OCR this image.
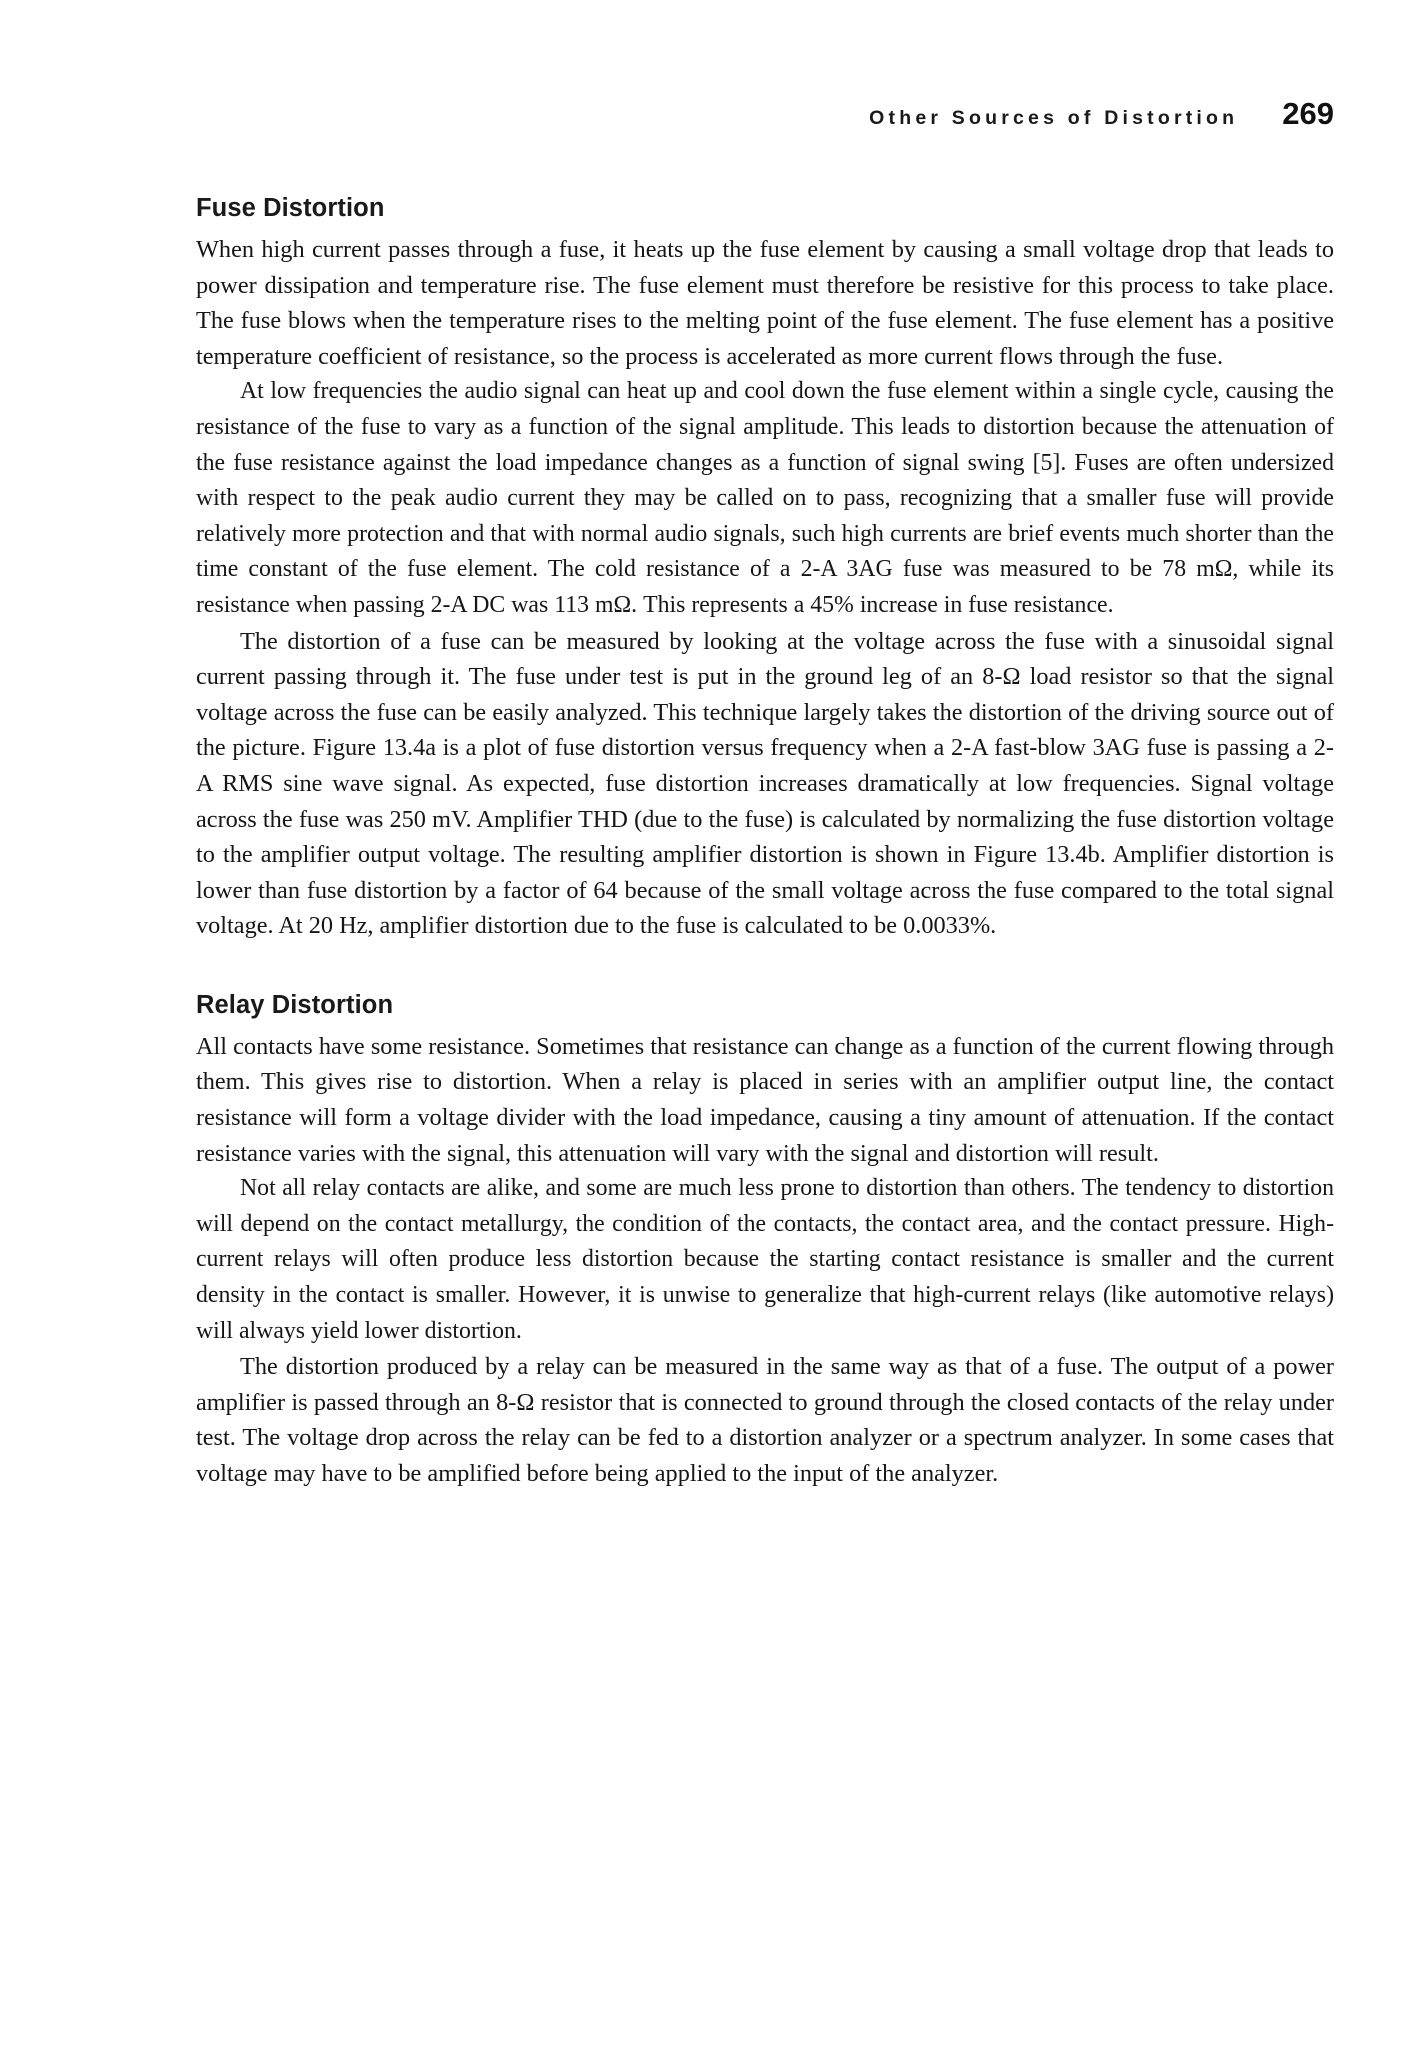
Other Sources of Distortion 269
Fuse Distortion

When high current passes through a fuse, it heats up the fuse element by causing a small voltage drop that leads to power dissipation and temperature rise. The fuse element must therefore be resistive for this process to take place. The fuse blows when the temperature rises to the melting point of the fuse element. The fuse element has a positive temperature coefficient of resistance, so the process is accelerated as more current flows through the fuse.

At low frequencies the audio signal can heat up and cool down the fuse element within a single cycle, causing the resistance of the fuse to vary as a function of the signal amplitude. This leads to distortion because the attenuation of the fuse resistance against the load impedance changes as a function of signal swing [5]. Fuses are often undersized with respect to the peak audio current they may be called on to pass, recognizing that a smaller fuse will provide relatively more protection and that with normal audio signals, such high currents are brief events much shorter than the time constant of the fuse element. The cold resistance of a 2-A 3AG fuse was measured to be 78 mΩ, while its resistance when passing 2-A DC was 113 mΩ. This represents a 45% increase in fuse resistance.

The distortion of a fuse can be measured by looking at the voltage across the fuse with a sinusoidal signal current passing through it. The fuse under test is put in the ground leg of an 8-Ω load resistor so that the signal voltage across the fuse can be easily analyzed. This technique largely takes the distortion of the driving source out of the picture. Figure 13.4a is a plot of fuse distortion versus frequency when a 2-A fast-blow 3AG fuse is passing a 2-A RMS sine wave signal. As expected, fuse distortion increases dramatically at low frequencies. Signal voltage across the fuse was 250 mV. Amplifier THD (due to the fuse) is calculated by normalizing the fuse distortion voltage to the amplifier output voltage. The resulting amplifier distortion is shown in Figure 13.4b. Amplifier distortion is lower than fuse distortion by a factor of 64 because of the small voltage across the fuse compared to the total signal voltage. At 20 Hz, amplifier distortion due to the fuse is calculated to be 0.0033%.

Relay Distortion

All contacts have some resistance. Sometimes that resistance can change as a function of the current flowing through them. This gives rise to distortion. When a relay is placed in series with an amplifier output line, the contact resistance will form a voltage divider with the load impedance, causing a tiny amount of attenuation. If the contact resistance varies with the signal, this attenuation will vary with the signal and distortion will result.

Not all relay contacts are alike, and some are much less prone to distortion than others. The tendency to distortion will depend on the contact metallurgy, the condition of the contacts, the contact area, and the contact pressure. High-current relays will often produce less distortion because the starting contact resistance is smaller and the current density in the contact is smaller. However, it is unwise to generalize that high-current relays (like automotive relays) will always yield lower distortion.

The distortion produced by a relay can be measured in the same way as that of a fuse. The output of a power amplifier is passed through an 8-Ω resistor that is connected to ground through the closed contacts of the relay under test. The voltage drop across the relay can be fed to a distortion analyzer or a spectrum analyzer. In some cases that voltage may have to be amplified before being applied to the input of the analyzer.
